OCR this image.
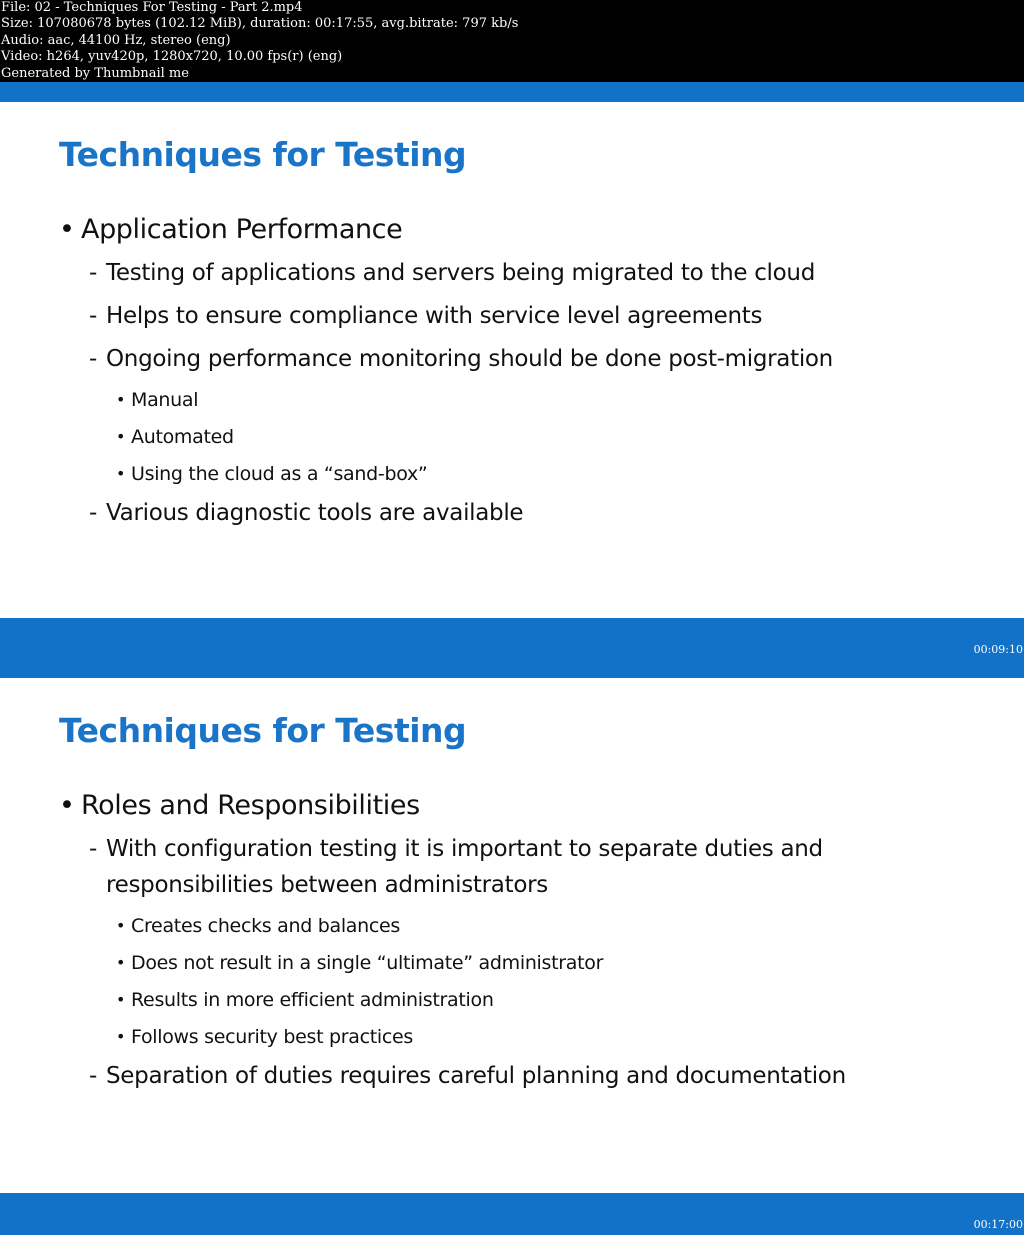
File: 02 - Techniques For Testing - Part 2.mp4
Size: 107080678 bytes (102.12 MiB), duration: 00:17:55, avg.bitrate: 797 kb/s
Audio: aac, 44100 Hz, stereo (eng)
Video: h264, yuv420p, 1280x720, 10.00 fps(r) (eng)
Generated by Thumbnail me
Techniques for Testing
• Application Performance
- Testing of applications and servers being migrated to the cloud
- Helps to ensure compliance with service level agreements
- Ongoing performance monitoring should be done post-migration
• Manual
• Automated
• Using the cloud as a “sand-box”
- Various diagnostic tools are available
00:09:10
Techniques for Testing
• Roles and Responsibilities
- With configuration testing it is important to separate duties and responsibilities between administrators
• Creates checks and balances
• Does not result in a single “ultimate” administrator
• Results in more efficient administration
• Follows security best practices
- Separation of duties requires careful planning and documentation
00:17:00
